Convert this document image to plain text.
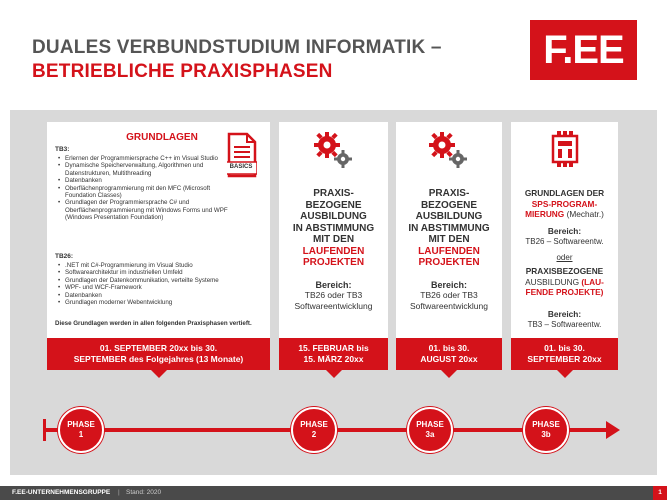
DUALES VERBUNDSTUDIUM INFORMATIK –
BETRIEBLICHE PRAXISPHASEN	F.EE
GRUNDLAGEN
BASICS
TB3:
• Erlernen der Programmiersprache C++ im Visual Studio
• Dynamische Speicherverwaltung, Algorithmen und Datenstrukturen, Multithreading
• Datenbanken
• Oberflächenprogrammierung mit den MFC (Microsoft Foundation Classes)
• Grundlagen der Programmiersprache C# und Oberflächenprogrammierung mit Windows Forms und WPF (Windows Presentation Foundation)
TB26:
• .NET mit C#-Programmierung im Visual Studio
• Softwarearchitektur im industriellen Umfeld
• Grundlagen der Datenkommunikation, verteilte Systeme
• WPF- und WCF-Framework
• Datenbanken
• Grundlagen moderner Webentwicklung
Diese Grundlagen werden in allen folgenden Praxisphasen vertieft.
01. SEPTEMBER 20xx bis 30. SEPTEMBER des Folgejahres (13 Monate)
PRAXIS-
BEZOGENE
AUSBILDUNG
IN ABSTIMMUNG
MIT DEN
LAUFENDEN
PROJEKTEN
Bereich:
TB26 oder TB3
Softwareentwicklung
15. FEBRUAR bis
15. MÄRZ 20xx
PRAXIS-
BEZOGENE
AUSBILDUNG
IN ABSTIMMUNG
MIT DEN
LAUFENDEN
PROJEKTEN
Bereich:
TB26 oder TB3
Softwareentwicklung
01. bis 30.
AUGUST 20xx
GRUNDLAGEN DER
SPS-PROGRAM-
MIERUNG (Mechatr.)
Bereich:
TB26 – Softwareentw.
oder
PRAXISBEZOGENE
AUSBILDUNG (LAU-
FENDE PROJEKTE)
Bereich:
TB3 – Softwareentw.
01. bis 30.
SEPTEMBER 20xx
PHASE
1
PHASE
2
PHASE
3a
PHASE
3b
F.EE-UNTERNEHMENSGRUPPE | Stand: 2020	1
